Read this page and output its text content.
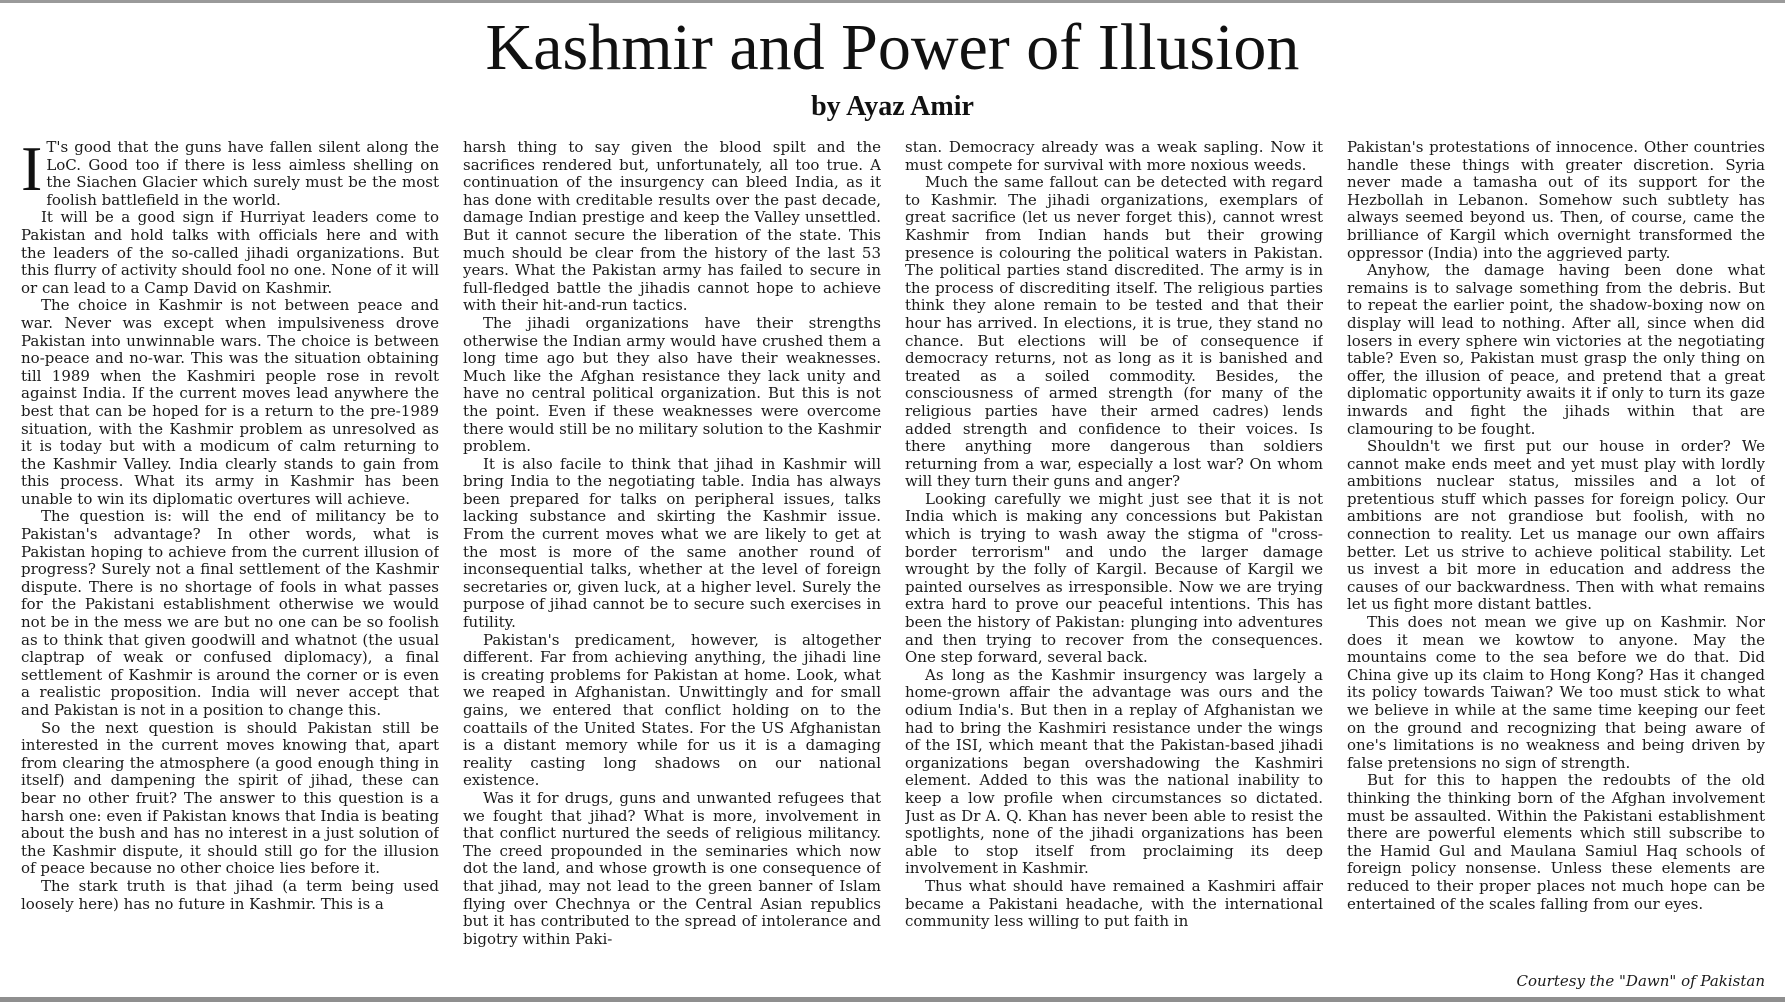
Kashmir and Power of Illusion
by Ayaz Amir

I T's good that the guns have fallen silent along the LoC. Good too if there is less aimless shelling on the Siachen Glacier which surely must be the most foolish battlefield in the world.

It will be a good sign if Hurriyat leaders come to Pakistan and hold talks with officials here and with the leaders of the so-called jihadi organizations. But this flurry of activity should fool no one. None of it will or can lead to a Camp David on Kashmir.

The choice in Kashmir is not between peace and war. Never was except when impulsiveness drove Pakistan into unwinnable wars. The choice is between no-peace and no-war. This was the situation obtaining till 1989 when the Kashmiri people rose in revolt against India. If the current moves lead anywhere the best that can be hoped for is a return to the pre-1989 situation, with the Kashmir problem as unresolved as it is today but with a modicum of calm returning to the Kashmir Valley. India clearly stands to gain from this process. What its army in Kashmir has been unable to win its diplomatic overtures will achieve.

The question is: will the end of militancy be to Pakistan's advantage? In other words, what is Pakistan hoping to achieve from the current illusion of progress? Surely not a final settlement of the Kashmir dispute. There is no shortage of fools in what passes for the Pakistani establishment otherwise we would not be in the mess we are but no one can be so foolish as to think that given goodwill and whatnot (the usual claptrap of weak or confused diplomacy), a final settlement of Kashmir is around the corner or is even a realistic proposition. India will never accept that and Pakistan is not in a position to change this.

So the next question is should Pakistan still be interested in the current moves knowing that, apart from clearing the atmosphere (a good enough thing in itself) and dampening the spirit of jihad, these can bear no other fruit? The answer to this question is a harsh one: even if Pakistan knows that India is beating about the bush and has no interest in a just solution of the Kashmir dispute, it should still go for the illusion of peace because no other choice lies before it.

The stark truth is that jihad (a term being used loosely here) has no future in Kashmir. This is a

harsh thing to say given the blood spilt and the sacrifices rendered but, unfortunately, all too true. A continuation of the insurgency can bleed India, as it has done with creditable results over the past decade, damage Indian prestige and keep the Valley unsettled. But it cannot secure the liberation of the state. This much should be clear from the history of the last 53 years. What the Pakistan army has failed to secure in full-fledged battle the jihadis cannot hope to achieve with their hit-and-run tactics.

The jihadi organizations have their strengths otherwise the Indian army would have crushed them a long time ago but they also have their weaknesses. Much like the Afghan resistance they lack unity and have no central political organization. But this is not the point. Even if these weaknesses were overcome there would still be no military solution to the Kashmir problem.

It is also facile to think that jihad in Kashmir will bring India to the negotiating table. India has always been prepared for talks on peripheral issues, talks lacking substance and skirting the Kashmir issue. From the current moves what we are likely to get at the most is more of the same another round of inconsequential talks, whether at the level of foreign secretaries or, given luck, at a higher level. Surely the purpose of jihad cannot be to secure such exercises in futility.

Pakistan's predicament, however, is altogether different. Far from achieving anything, the jihadi line is creating problems for Pakistan at home. Look, what we reaped in Afghanistan. Unwittingly and for small gains, we entered that conflict holding on to the coattails of the United States. For the US Afghanistan is a distant memory while for us it is a damaging reality casting long shadows on our national existence.

Was it for drugs, guns and unwanted refugees that we fought that jihad? What is more, involvement in that conflict nurtured the seeds of religious militancy. The creed propounded in the seminaries which now dot the land, and whose growth is one consequence of that jihad, may not lead to the green banner of Islam flying over Chechnya or the Central Asian republics but it has contributed to the spread of intolerance and bigotry within Paki-

stan. Democracy already was a weak sapling. Now it must compete for survival with more noxious weeds.

Much the same fallout can be detected with regard to Kashmir. The jihadi organizations, exemplars of great sacrifice (let us never forget this), cannot wrest Kashmir from Indian hands but their growing presence is colouring the political waters in Pakistan. The political parties stand discredited. The army is in the process of discrediting itself. The religious parties think they alone remain to be tested and that their hour has arrived. In elections, it is true, they stand no chance. But elections will be of consequence if democracy returns, not as long as it is banished and treated as a soiled commodity. Besides, the consciousness of armed strength (for many of the religious parties have their armed cadres) lends added strength and confidence to their voices. Is there anything more dangerous than soldiers returning from a war, especially a lost war? On whom will they turn their guns and anger?

Looking carefully we might just see that it is not India which is making any concessions but Pakistan which is trying to wash away the stigma of "cross-border terrorism" and undo the larger damage wrought by the folly of Kargil. Because of Kargil we painted ourselves as irresponsible. Now we are trying extra hard to prove our peaceful intentions. This has been the history of Pakistan: plunging into adventures and then trying to recover from the consequences. One step forward, several back.

As long as the Kashmir insurgency was largely a home-grown affair the advantage was ours and the odium India's. But then in a replay of Afghanistan we had to bring the Kashmiri resistance under the wings of the ISI, which meant that the Pakistan-based jihadi organizations began overshadowing the Kashmiri element. Added to this was the national inability to keep a low profile when circumstances so dictated. Just as Dr A. Q. Khan has never been able to resist the spotlights, none of the jihadi organizations has been able to stop itself from proclaiming its deep involvement in Kashmir.

Thus what should have remained a Kashmiri affair became a Pakistani headache, with the international community less willing to put faith in

Pakistan's protestations of innocence. Other countries handle these things with greater discretion. Syria never made a tamasha out of its support for the Hezbollah in Lebanon. Somehow such subtlety has always seemed beyond us. Then, of course, came the brilliance of Kargil which overnight transformed the oppressor (India) into the aggrieved party.

Anyhow, the damage having been done what remains is to salvage something from the debris. But to repeat the earlier point, the shadow-boxing now on display will lead to nothing. After all, since when did losers in every sphere win victories at the negotiating table? Even so, Pakistan must grasp the only thing on offer, the illusion of peace, and pretend that a great diplomatic opportunity awaits it if only to turn its gaze inwards and fight the jihads within that are clamouring to be fought.

Shouldn't we first put our house in order? We cannot make ends meet and yet must play with lordly ambitions nuclear status, missiles and a lot of pretentious stuff which passes for foreign policy. Our ambitions are not grandiose but foolish, with no connection to reality. Let us manage our own affairs better. Let us strive to achieve political stability. Let us invest a bit more in education and address the causes of our backwardness. Then with what remains let us fight more distant battles.

This does not mean we give up on Kashmir. Nor does it mean we kowtow to anyone. May the mountains come to the sea before we do that. Did China give up its claim to Hong Kong? Has it changed its policy towards Taiwan? We too must stick to what we believe in while at the same time keeping our feet on the ground and recognizing that being aware of one's limitations is no weakness and being driven by false pretensions no sign of strength.

But for this to happen the redoubts of the old thinking the thinking born of the Afghan involvement must be assaulted. Within the Pakistani establishment there are powerful elements which still subscribe to the Hamid Gul and Maulana Samiul Haq schools of foreign policy nonsense. Unless these elements are reduced to their proper places not much hope can be entertained of the scales falling from our eyes.

Courtesy the "Dawn" of Pakistan
